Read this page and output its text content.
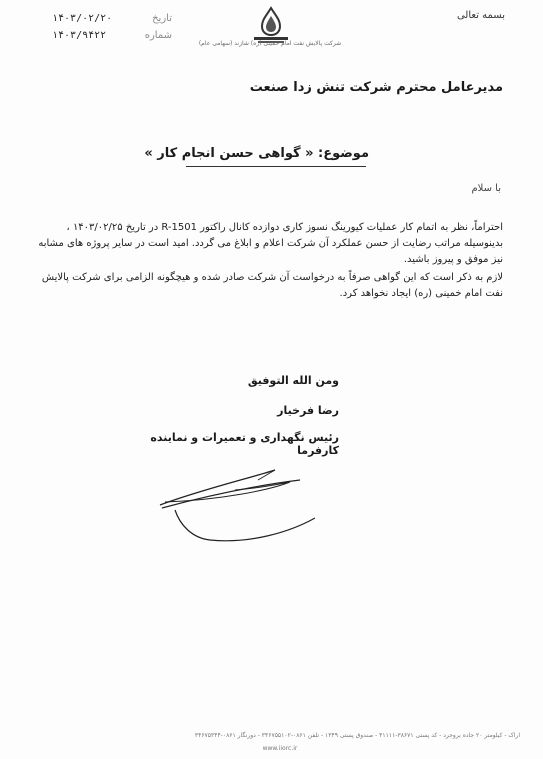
بسمه تعالی
شرکت پالایش نفت امام خمینی (ره) شازند (سهامی عام)
تاریخ
۱۴۰۳/۰۲/۲۰
شماره
۱۴۰۳/۹۴۲۲
مدیرعامل محترم شرکت تنش زدا صنعت
موضوع: « گواهی حسن انجام کار »
با سلام

احتراماً، نظر به اتمام کار عملیات کیورینگ نسوز کاری دوازده کانال راکتور R-1501 در تاریخ ۱۴۰۳/۰۲/۲۵ ، بدینوسیله مراتب رضایت از حسن عملکرد آن شرکت اعلام و ابلاغ می گردد. امید است در سایر پروژه های مشابه نیز موفق و پیروز باشید.

لازم به ذکر است که این گواهی صرفاً به درخواست آن شرکت صادر شده و هیچگونه الزامی برای شرکت پالایش نفت امام خمینی (ره) ایجاد نخواهد کرد.

ومن الله التوفیق
رضا فرخیار
رئیس نگهداری و تعمیرات و نماینده کارفرما
اراک - کیلومتر ۲۰ جاده بروجرد - کد پستی ۳۸۶۷۱-۴۱۱۱۱ - صندوق پستی ۱۳۴۹ - تلفن ۰۸۶۱-۳۴۶۷۵۵۱۰۲ - دورنگار ۰۸۶۱-۳۴۶۷۵۳۴۴
www.iiorc.ir
